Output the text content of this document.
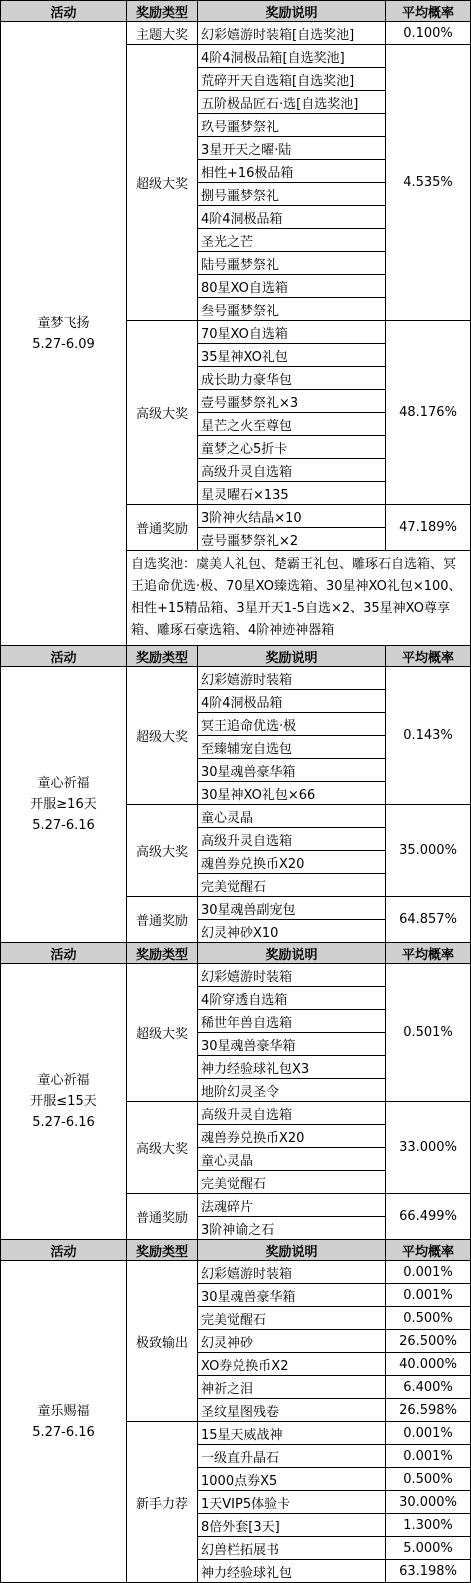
活动	奖励类型	奖励说明	平均概率

童梦飞扬
5.27-6.09	主题大奖	幻彩嬉游时装箱[自选奖池]	0.100%
	超级大奖	4阶4洞极品箱[自选奖池]	4.535%
		荒碎开天自选箱[自选奖池]	
		五阶极品匠石·选[自选奖池]	
		玖号噩梦祭礼	
		3星开天之曜·陆	
		相性+16极品箱	
		捌号噩梦祭礼	
		4阶4洞极品箱	
		圣光之芒	
		陆号噩梦祭礼	
		80星XO自选箱	
		叁号噩梦祭礼	
	高级大奖	70星XO自选箱	48.176%
		35星神XO礼包	
		成长助力豪华包	
		壹号噩梦祭礼×3	
		星芒之火至尊包	
		童梦之心5折卡	
		高级升灵自选箱	
		星灵曜石×135	
	普通奖励	3阶神火结晶×10	47.189%
		壹号噩梦祭礼×2	
	自选奖池：虞美人礼包、楚霸王礼包、雕琢石自选箱、冥王追命优选·极、70星XO臻选箱、30星神XO礼包×100、相性+15精品箱、3星开天1-5自选×2、35星神XO尊享箱、雕琢石豪选箱、4阶神迹神器箱		
活动	奖励类型	奖励说明	平均概率

童心祈福
开服≥16天
5.27-6.16	超级大奖	幻彩嬉游时装箱	0.143%
		4阶4洞极品箱	
		冥王追命优选·极	
		至臻辅宠自选包	
		30星魂兽豪华箱	
		30星神XO礼包×66	
	高级大奖	童心灵晶	35.000%
		高级升灵自选箱	
		魂兽券兑换币X20	
		完美觉醒石	
	普通奖励	30星魂兽副宠包	64.857%
		幻灵神砂X10	
活动	奖励类型	奖励说明	平均概率

童心祈福
开服≤15天
5.27-6.16	超级大奖	幻彩嬉游时装箱	0.501%
		4阶穿透自选箱	
		稀世年兽自选箱	
		30星魂兽豪华箱	
		神力经验球礼包X3	
		地阶幻灵圣令	
	高级大奖	高级升灵自选箱	33.000%
		魂兽券兑换币X20	
		童心灵晶	
		完美觉醒石	
	普通奖励	法魂碎片	66.499%
		3阶神谕之石	
活动	奖励类型	奖励说明	平均概率

童乐赐福
5.27-6.16	极致输出	幻彩嬉游时装箱	0.001%
		30星魂兽豪华箱	0.001%
		完美觉醒石	0.500%
		幻灵神砂	26.500%
		XO券兑换币X2	40.000%
		神祈之泪	6.400%
		圣纹星图残卷	26.598%
	新手力荐	15星天威战神	0.001%
		一级直升晶石	0.001%
		1000点券X5	0.500%
		1天VIP5体验卡	30.000%
		8倍外套[3天]	1.300%
		幻兽栏拓展书	5.000%
		神力经验球礼包	63.198%
